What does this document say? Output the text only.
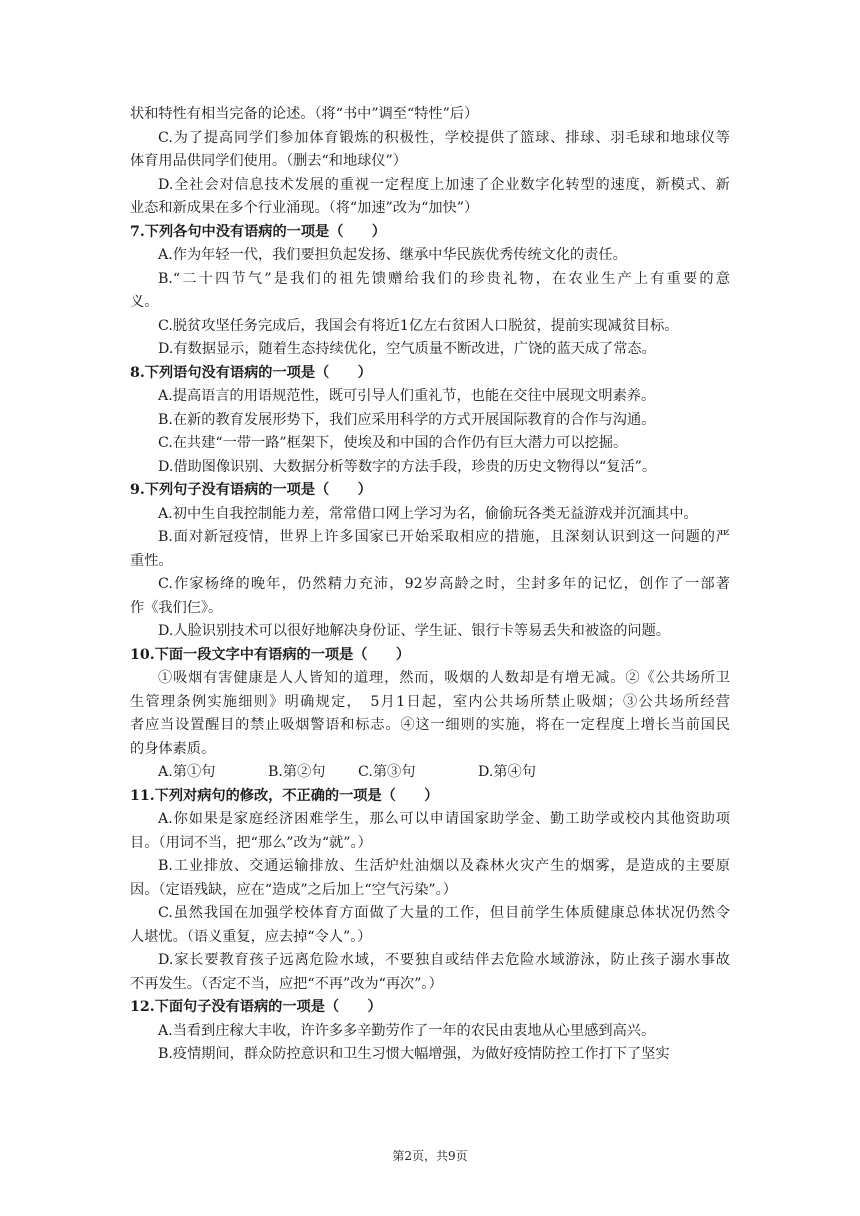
状和特性有相当完备的论述。（将“书中”调至“特性”后）
C.为了提高同学们参加体育锻炼的积极性，学校提供了篮球、排球、羽毛球和地球仪等
体育用品供同学们使用。（删去“和地球仪”）
D.全社会对信息技术发展的重视一定程度上加速了企业数字化转型的速度，新模式、新
业态和新成果在多个行业涌现。（将“加速”改为“加快”）
7.下列各句中没有语病的一项是（　　）
A.作为年轻一代，我们要担负起发扬、继承中华民族优秀传统文化的责任。
B.“二十四节气”是我们的祖先馈赠给我们的珍贵礼物，在农业生产上有重要的意
义。
C.脱贫攻坚任务完成后，我国会有将近1亿左右贫困人口脱贫，提前实现减贫目标。
D.有数据显示，随着生态持续优化，空气质量不断改进，广饶的蓝天成了常态。
8.下列语句没有语病的一项是（　　）
A.提高语言的用语规范性，既可引导人们重礼节，也能在交往中展现文明素养。
B.在新的教育发展形势下，我们应采用科学的方式开展国际教育的合作与沟通。
C.在共建“一带一路”框架下，使埃及和中国的合作仍有巨大潜力可以挖掘。
D.借助图像识别、大数据分析等数字的方法手段，珍贵的历史文物得以“复活”。
9.下列句子没有语病的一项是（　　）
A.初中生自我控制能力差，常常借口网上学习为名，偷偷玩各类无益游戏并沉湎其中。
B.面对新冠疫情，世界上许多国家已开始采取相应的措施，且深刻认识到这一问题的严
重性。
C.作家杨绛的晚年，仍然精力充沛，92岁高龄之时，尘封多年的记忆，创作了一部著
作《我们仨》。
D.人脸识别技术可以很好地解决身份证、学生证、银行卡等易丢失和被盗的问题。
10.下面一段文字中有语病的一项是（　　）
①吸烟有害健康是人人皆知的道理，然而，吸烟的人数却是有增无减。②《公共场所卫
生管理条例实施细则》明确规定，　5月1日起，室内公共场所禁止吸烟；③公共场所经营
者应当设置醒目的禁止吸烟警语和标志。④这一细则的实施，将在一定程度上增长当前国民
的身体素质。
A.第①句	B.第②句	C.第③句	D.第④句
11.下列对病句的修改，不正确的一项是（　　）
A.你如果是家庭经济困难学生，那么可以申请国家助学金、勤工助学或校内其他资助项
目。（用词不当，把“那么”改为“就”。）
B.工业排放、交通运输排放、生活炉灶油烟以及森林火灾产生的烟雾，是造成的主要原
因。（定语残缺，应在“造成”之后加上“空气污染”。）
C.虽然我国在加强学校体育方面做了大量的工作，但目前学生体质健康总体状况仍然令
人堪忧。（语义重复，应去掉“令人”。）
D.家长要教育孩子远离危险水域，不要独自或结伴去危险水域游泳，防止孩子溺水事故
不再发生。（否定不当，应把“不再”改为“再次”。）
12.下面句子没有语病的一项是（　　）
A.当看到庄稼大丰收，许许多多辛勤劳作了一年的农民由衷地从心里感到高兴。
B.疫情期间，群众防控意识和卫生习惯大幅增强，为做好疫情防控工作打下了坚实
第2页，共9页
